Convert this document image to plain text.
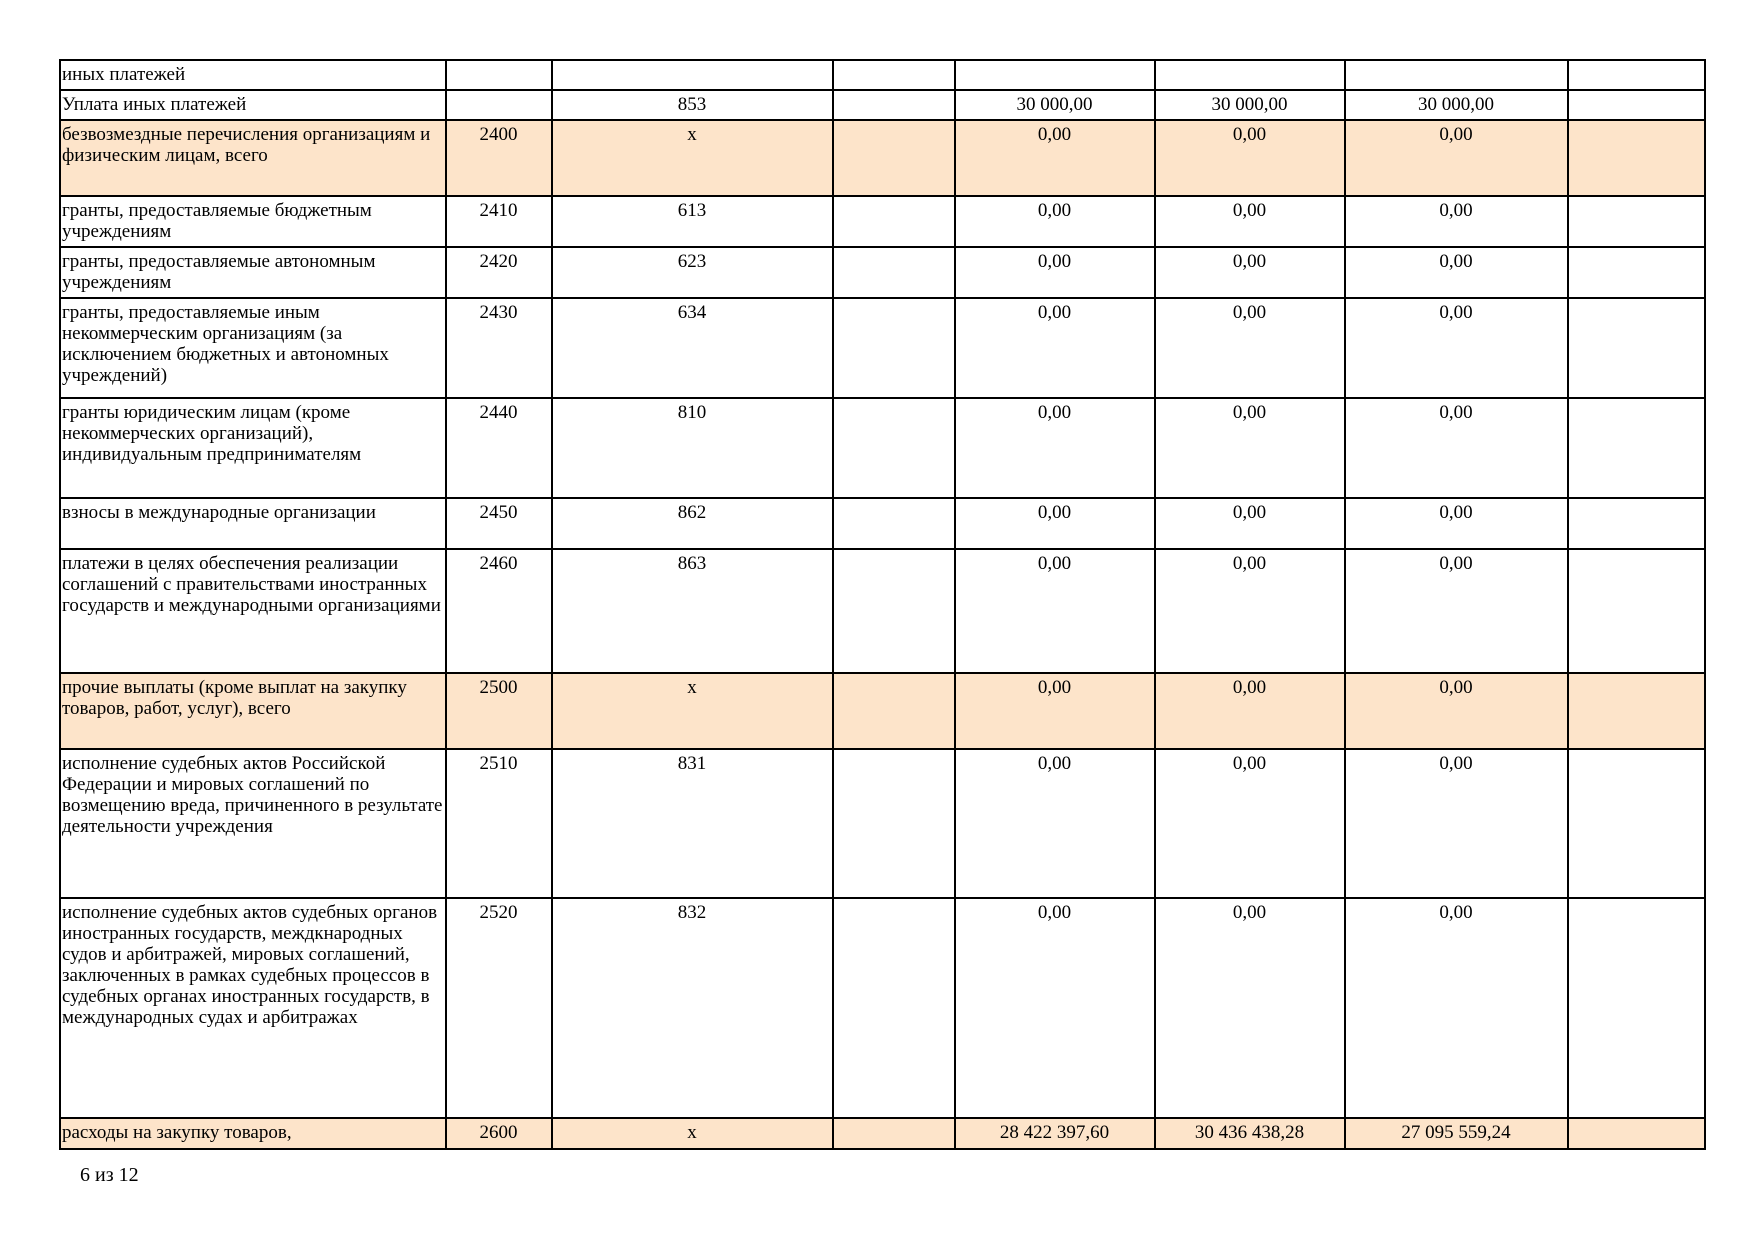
иных платежей							
Уплата иных платежей		853		30 000,00	30 000,00	30 000,00	
безвозмездные перечисления организациям и физическим лицам, всего	2400	x		0,00	0,00	0,00	
гранты, предоставляемые бюджетным учреждениям	2410	613		0,00	0,00	0,00	
гранты, предоставляемые автономным учреждениям	2420	623		0,00	0,00	0,00	
гранты, предоставляемые иным некоммерческим организациям (за исключением бюджетных и автономных учреждений)	2430	634		0,00	0,00	0,00	
гранты юридическим лицам (кроме некоммерческих организаций), индивидуальным предпринимателям	2440	810		0,00	0,00	0,00	
взносы в международные организации	2450	862		0,00	0,00	0,00	
платежи в целях обеспечения реализации соглашений с правительствами иностранных государств и международными организациями	2460	863		0,00	0,00	0,00	
прочие выплаты (кроме выплат на закупку товаров, работ, услуг), всего	2500	x		0,00	0,00	0,00	
исполнение судебных актов Российской Федерации и мировых соглашений по возмещению вреда, причиненного в результате деятельности учреждения	2510	831		0,00	0,00	0,00	
исполнение судебных актов судебных органов иностранных государств, междкнародных судов и арбитражей, мировых соглашений, заключенных в рамках судебных процессов в судебных органах иностранных государств, в международных судах и арбитражах	2520	832		0,00	0,00	0,00	
расходы на закупку товаров,	2600	x		28 422 397,60	30 436 438,28	27 095 559,24	
6 из 12
